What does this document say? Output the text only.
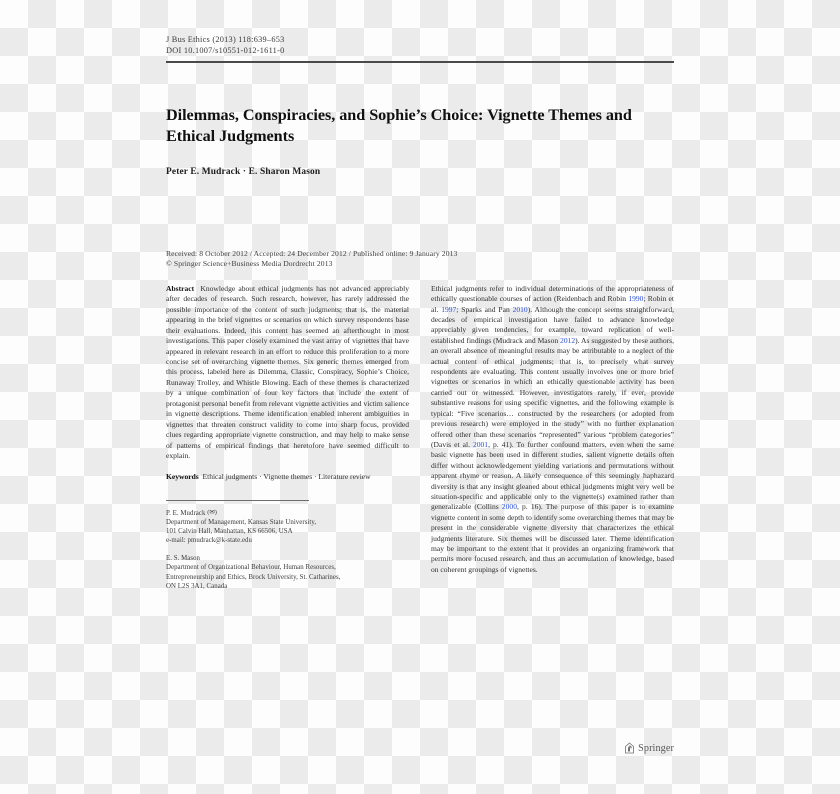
J Bus Ethics (2013) 118:639–653
DOI 10.1007/s10551-012-1611-0
Dilemmas, Conspiracies, and Sophie’s Choice: Vignette Themes and Ethical Judgments
Peter E. Mudrack · E. Sharon Mason
Received: 8 October 2012 / Accepted: 24 December 2012 / Published online: 9 January 2013
© Springer Science+Business Media Dordrecht 2013

Abstract Knowledge about ethical judgments has not advanced appreciably after decades of research. Such research, however, has rarely addressed the possible importance of the content of such judgments; that is, the material appearing in the brief vignettes or scenarios on which survey respondents base their evaluations. Indeed, this content has seemed an afterthought in most investigations. This paper closely examined the vast array of vignettes that have appeared in relevant research in an effort to reduce this proliferation to a more concise set of overarching vignette themes. Six generic themes emerged from this process, labeled here as Dilemma, Classic, Conspiracy, Sophie’s Choice, Runaway Trolley, and Whistle Blowing. Each of these themes is characterized by a unique combination of four key factors that include the extent of protagonist personal benefit from relevant vignette activities and victim salience in vignette descriptions. Theme identification enabled inherent ambiguities in vignettes that threaten construct validity to come into sharp focus, provided clues regarding appropriate vignette construction, and may help to make sense of patterns of empirical findings that heretofore have seemed difficult to explain.

Keywords Ethical judgments · Vignette themes · Literature review

P. E. Mudrack (✉)
Department of Management, Kansas State University,
101 Calvin Hall, Manhattan, KS 66506, USA
e-mail: pmudrack@k-state.edu
E. S. Mason
Department of Organizational Behaviour, Human Resources,
Entrepreneurship and Ethics, Brock University, St. Catharines,
ON L2S 3A1, Canada

Ethical judgments refer to individual determinations of the appropriateness of ethically questionable courses of action (Reidenbach and Robin 1990; Robin et al. 1997; Sparks and Pan 2010). Although the concept seems straightforward, decades of empirical investigation have failed to advance knowledge appreciably given tendencies, for example, toward replication of well-established findings (Mudrack and Mason 2012). As suggested by these authors, an overall absence of meaningful results may be attributable to a neglect of the actual content of ethical judgments; that is, to precisely what survey respondents are evaluating. This content usually involves one or more brief vignettes or scenarios in which an ethically questionable activity has been carried out or witnessed. However, investigators rarely, if ever, provide substantive reasons for using specific vignettes, and the following example is typical: “Five scenarios… constructed by the researchers (or adopted from previous research) were employed in the study” with no further explanation offered other than these scenarios “represented” various “problem categories” (Davis et al. 2001, p. 41). To further confound matters, even when the same basic vignette has been used in different studies, salient vignette details often differ without acknowledgement yielding variations and permutations without apparent rhyme or reason. A likely consequence of this seemingly haphazard diversity is that any insight gleaned about ethical judgments might very well be situation-specific and applicable only to the vignette(s) examined rather than generalizable (Collins 2000, p. 16). The purpose of this paper is to examine vignette content in some depth to identify some overarching themes that may be present in the considerable vignette diversity that characterizes the ethical judgments literature. Six themes will be discussed later. Theme identification may be important to the extent that it provides an organizing framework that permits more focused research, and thus an accumulation of knowledge, based on coherent groupings of vignettes.

Springer
